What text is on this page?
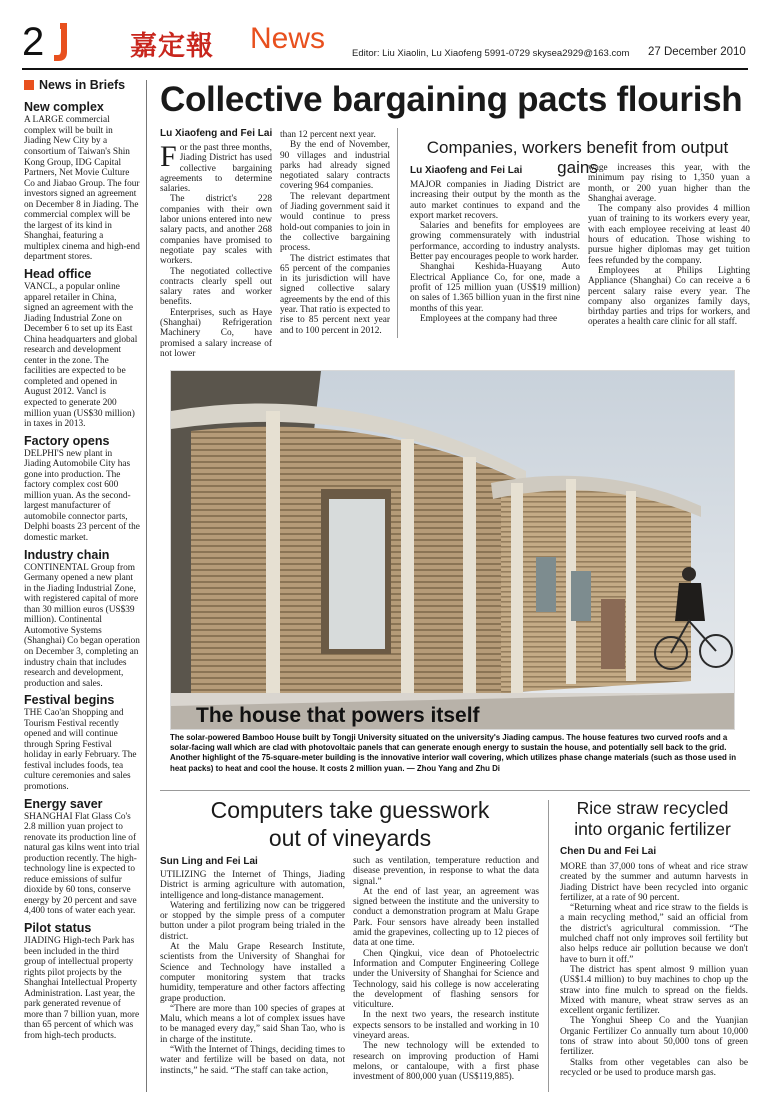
2	嘉定報 News	Editor: Liu Xiaolin, Lu Xiaofeng 5991-0729 skysea2929@163.com 27 December 2010
News in Briefs
New complex
A LARGE commercial complex will be built in Jiading New City by a consortium of Taiwan's Shin Kong Group, IDG Capital Partners, Net Movie Culture Co and Jiabao Group. The four investors signed an agreement on December 8 in Jiading. The commercial complex will be the largest of its kind in Shanghai, featuring a multiplex cinema and high-end department stores.
Head office
VANCL, a popular online apparel retailer in China, signed an agreement with the Jiading Industrial Zone on December 6 to set up its East China headquarters and global research and development center in the zone. The facilities are expected to be completed and opened in August 2012. Vancl is expected to generate 200 million yuan (US$30 million) in taxes in 2013.
Factory opens
DELPHI'S new plant in Jiading Automobile City has gone into production. The factory complex cost 600 million yuan. As the second-largest manufacturer of automobile connector parts, Delphi boasts 23 percent of the domestic market.
Industry chain
CONTINENTAL Group from Germany opened a new plant in the Jiading Industrial Zone, with registered capital of more than 30 million euros (US$39 million). Continental Automotive Systems (Shanghai) Co began operation on December 3, completing an industry chain that includes research and development, production and sales.
Festival begins
THE Cao'an Shopping and Tourism Festival recently opened and will continue through Spring Festival holiday in early February. The festival includes foods, tea culture ceremonies and sales promotions.
Energy saver
SHANGHAI Flat Glass Co's 2.8 million yuan project to renovate its production line of natural gas kilns went into trial production recently. The high-technology line is expected to reduce emissions of sulfur dioxide by 60 tons, conserve energy by 20 percent and save 4,400 tons of water each year.
Pilot status
JIADING High-tech Park has been included in the third group of intellectual property rights pilot projects by the Shanghai Intellectual Property Administration. Last year, the park generated revenue of more than 7 billion yuan, more than 65 percent of which was from high-tech products.
Collective bargaining pacts flourish
Lu Xiaofeng and Fei Lai

For the past three months, Jiading District has used collective bargaining agreements to determine salaries.

The district's 228 companies with their own labor unions entered into new salary pacts, and another 268 companies have promised to negotiate pay scales with workers.

The negotiated collective contracts clearly spell out salary rates and worker benefits.

Enterprises, such as Haye (Shanghai) Refrigeration Machinery Co, have promised a salary increase of not lower

than 12 percent next year.

By the end of November, 90 villages and industrial parks had already signed negotiated salary contracts covering 964 companies.

The relevant department of Jiading government said it would continue to press hold-out companies to join in the collective bargaining process.

The district estimates that 65 percent of the companies in its jurisdiction will have signed collective salary agreements by the end of this year. That ratio is expected to rise to 85 percent next year and to 100 percent in 2012.

Companies, workers benefit from output gains
Lu Xiaofeng and Fei Lai

MAJOR companies in Jiading District are increasing their output by the month as the auto market continues to expand and the export market recovers.

Salaries and benefits for employees are growing commensurately with industrial performance, according to industry analysts. Better pay encourages people to work harder.

Shanghai Keshida-Huayang Auto Electrical Appliance Co, for one, made a profit of 125 million yuan (US$19 million) on sales of 1.365 billion yuan in the first nine months of this year.

Employees at the company had three

wage increases this year, with the minimum pay rising to 1,350 yuan a month, or 200 yuan higher than the Shanghai average.

The company also provides 4 million yuan of training to its workers every year, with each employee receiving at least 40 hours of education. Those wishing to pursue higher diplomas may get tuition fees refunded by the company.

Employees at Philips Lighting Appliance (Shanghai) Co can receive a 6 percent salary raise every year. The company also organizes family days, birthday parties and trips for workers, and operates a health care clinic for all staff.

The house that powers itself
The solar-powered Bamboo House built by Tongji University situated on the university's Jiading campus. The house features two curved roofs and a solar-facing wall which are clad with photovoltaic panels that can generate enough energy to sustain the house, and potentially sell back to the grid. Another highlight of the 75-square-meter building is the innovative interior wall covering, which utilizes phase change materials (such as those used in heat packs) to heat and cool the house. It costs 2 million yuan. — Zhou Yang and Zhu Di
Computers take guesswork
out of vineyards
Sun Ling and Fei Lai

UTILIZING the Internet of Things, Jiading District is arming agriculture with automation, intelligence and long-distance management.

Watering and fertilizing now can be triggered or stopped by the simple press of a computer button under a pilot program being trialed in the district.

At the Malu Grape Research Institute, scientists from the University of Shanghai for Science and Technology have installed a computer monitoring system that tracks humidity, temperature and other factors affecting grape production.

“There are more than 100 species of grapes at Malu, which means a lot of complex issues have to be managed every day,” said Shan Tao, who is in charge of the institute.

“With the Internet of Things, deciding times to water and fertilize will be based on data, not instincts,” he said. “The staff can take action,

such as ventilation, temperature reduction and disease prevention, in response to what the data signal.”

At the end of last year, an agreement was signed between the institute and the university to conduct a demonstration program at Malu Grape Park. Four sensors have already been installed amid the grapevines, collecting up to 12 pieces of data at one time.

Chen Qingkui, vice dean of Photoelectric Information and Computer Engineering College under the University of Shanghai for Science and Technology, said his college is now accelerating the development of flashing sensors for viticulture.

In the next two years, the research institute expects sensors to be installed and working in 10 vineyard areas.

The new technology will be extended to research on improving production of Hami melons, or cantaloupe, with a first phase investment of 800,000 yuan (US$119,885).

Rice straw recycled
into organic fertilizer
Chen Du and Fei Lai

MORE than 37,000 tons of wheat and rice straw created by the summer and autumn harvests in Jiading District have been recycled into organic fertilizer, at a rate of 90 percent.

“Returning wheat and rice straw to the fields is a main recycling method,” said an official from the district's agricultural commission. “The mulched chaff not only improves soil fertility but also helps reduce air pollution because we don't have to burn it off.”

The district has spent almost 9 million yuan (US$1.4 million) to buy machines to chop up the straw into fine mulch to spread on the fields. Mixed with manure, wheat straw serves as an excellent organic fertilizer.

The Yonghui Sheep Co and the Yuanjian Organic Fertilizer Co annually turn about 10,000 tons of straw into about 50,000 tons of green fertilizer.

Stalks from other vegetables can also be recycled or be used to produce marsh gas.
